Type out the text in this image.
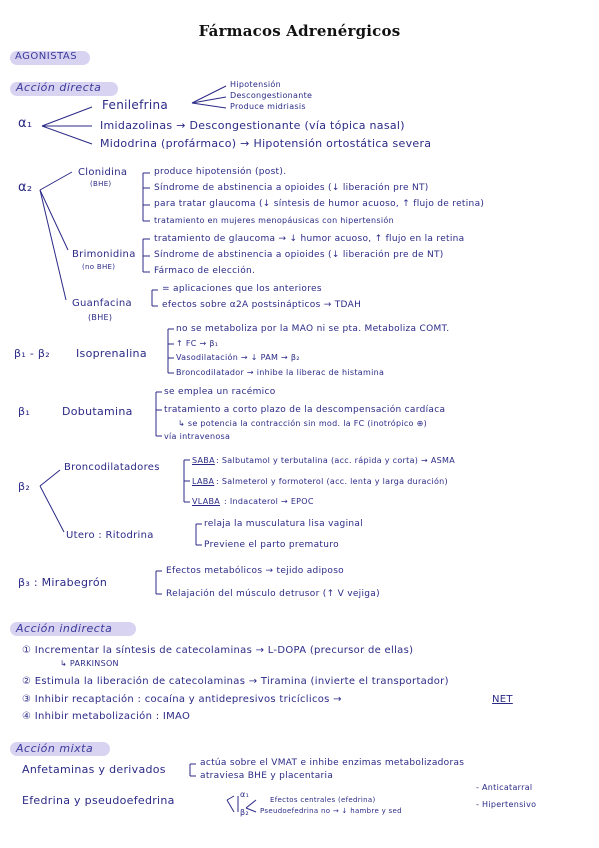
Fármacos Adrenérgicos
AGONISTAS
Acción directa
α₁
Fenilefrina
Hipotensión
Descongestionante
Produce midriasis
Imidazolinas → Descongestionante (vía tópica nasal)
Midodrina (profármaco) → Hipotensión ortostática severa
α₂
Clonidina
(BHE)
produce hipotensión (post).
Síndrome de abstinencia a opioides (↓ liberación pre NT)
para tratar glaucoma (↓ síntesis de humor acuoso, ↑ flujo de retina)
tratamiento en mujeres menopáusicas con hipertensión
Brimonidina
(no BHE)
tratamiento de glaucoma → ↓ humor acuoso, ↑ flujo en la retina
Síndrome de abstinencia a opioides (↓ liberación pre de NT)
Fármaco de elección.
Guanfacina
(BHE)
= aplicaciones que los anteriores
efectos sobre α2A postsinápticos → TDAH
β₁ - β₂ Isoprenalina
no se metaboliza por la MAO ni se pta. Metaboliza COMT.
↑ FC → β₁
Vasodilatación → ↓ PAM → β₂
Broncodilatador → inhibe la liberac de histamina
β₁	Dobutamina
se emplea un racémico
tratamiento a corto plazo de la descompensación cardíaca
↳ se potencia la contracción sin mod. la FC (inotrópico ⊕)
vía intravenosa
β₂
Broncodilatadores
SABA : Salbutamol y terbutalina (acc. rápida y corta) → ASMA
LABA : Salmeterol y formoterol (acc. lenta y larga duración)
VLABA : Indacaterol → EPOC
Utero : Ritodrina
relaja la musculatura lisa vaginal
Previene el parto prematuro
β₃ : Mirabegrón
Efectos metabólicos → tejido adiposo
Relajación del músculo detrusor (↑ V vejiga)
Acción indirecta
① Incrementar la síntesis de catecolaminas → L-DOPA (precursor de ellas)
↳ PARKINSON
② Estimula la liberación de catecolaminas → Tiramina (invierte el transportador)
③ Inhibir recaptación : cocaína y antidepresivos tricíclicos →	NET
④ Inhibir metabolización : IMAO
Acción mixta
Anfetaminas y derivados	actúa sobre el VMAT e inhibe enzimas metabolizadoras
atraviesa BHE y placentaria
Efedrina y pseudoefedrina	α₁
β₂
Efectos centrales (efedrina)
Pseudoefedrina no → ↓ hambre y sed
- Anticatarral
- Hipertensivo
